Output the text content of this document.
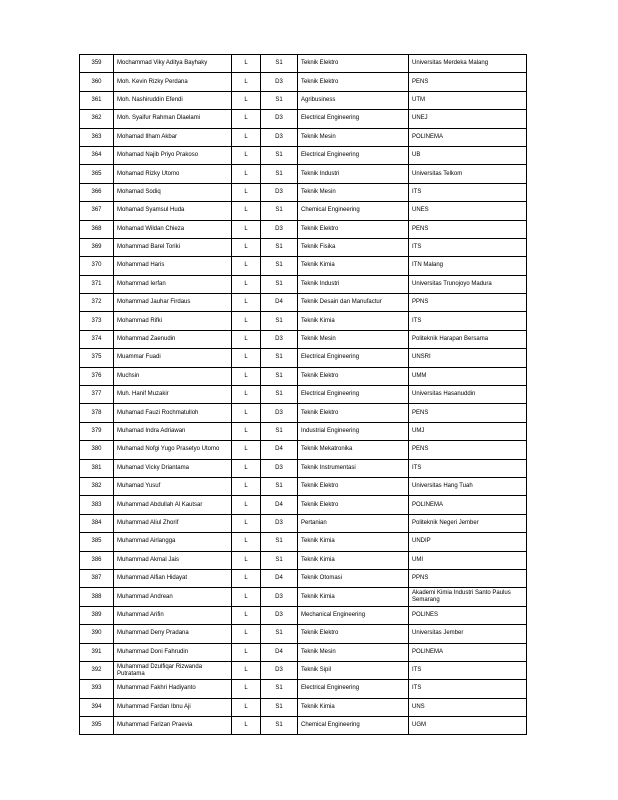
359	Mochammad Viky Aditya Bayhaky	L	S1	Teknik Elektro	Universitas Merdeka Malang
360	Moh. Kevin Rizky Perdana	L	D3	Teknik Elektro	PENS
361	Moh. Nashiruddin Efendi	L	S1	Agribusiness	UTM
362	Moh. Syaifur Rahman Dlaelami	L	D3	Electrical Engineering	UNEJ
363	Mohamad Ilham Akbar	L	D3	Teknik Mesin	POLINEMA
364	Mohamad Najib Priyo Prakoso	L	S1	Electrical Engineering	UB
365	Mohamad Rizky Utomo	L	S1	Teknik Industri	Universitas Telkom
366	Mohamad Sodiq	L	D3	Teknik Mesin	ITS
367	Mohamad Syamsul Huda	L	S1	Chemical Engineering	UNES
368	Mohamad Wildan Chieza	L	D3	Teknik Elektro	PENS
369	Mohammad Barel Toriki	L	S1	Teknik Fisika	ITS
370	Mohammad Haris	L	S1	Teknik Kimia	ITN Malang
371	Mohammad Ierfan	L	S1	Teknik Industri	Universitas Trunojoyo Madura
372	Mohammad Jauhar Firdaus	L	D4	Teknik Desain dan Manufactur	PPNS
373	Mohammad Rifki	L	S1	Teknik Kimia	ITS
374	Mohammad Zaenudin	L	D3	Teknik Mesin	Politeknik Harapan Bersama
375	Muammar Fuadi	L	S1	Electrical Engineering	UNSRI
376	Muchsin	L	S1	Teknik Elektro	UMM
377	Muh. Hanif Muzakir	L	S1	Electrical Engineering	Universitas Hasanuddin
378	Muhamad Fauzi Rochmatulloh	L	D3	Teknik Elektro	PENS
379	Muhamad Indra Adriawan	L	S1	Industrial Engineering	UMJ
380	Muhamad Nofgi Yugo Prasetyo Utomo	L	D4	Teknik Mekatronika	PENS
381	Muhamad Vicky Driantama	L	D3	Teknik Instrumentasi	ITS
382	Muhamad Yusuf	L	S1	Teknik Elektro	Universitas Hang Tuah
383	Muhammad Abdullah Al Kautsar	L	D4	Teknik Elektro	POLINEMA
384	Muhammad Aliul Zhorif	L	D3	Pertanian	Politeknik Negeri Jember
385	Muhammad Airlangga	L	S1	Teknik Kimia	UNDIP
386	Muhammad Akmal Jais	L	S1	Teknik Kimia	UMI
387	Muhammad Alfian Hidayat	L	D4	Teknik Otomasi	PPNS
388	Muhammad Andrean	L	D3	Teknik Kimia	Akademi Kimia Industri Santo Paulus Semarang
389	Muhammad Arifin	L	D3	Mechanical Engineering	POLINES
390	Muhammad Deny Pradana	L	S1	Teknik Elektro	Universitas Jember
391	Muhammad Doni Fahrudin	L	D4	Teknik Mesin	POLINEMA
392	Muhammad Dzulfiqar Rizwanda Putratama	L	D3	Teknik Sipil	ITS
393	Muhammad Fakhri Hadiyanto	L	S1	Electrical Engineering	ITS
394	Muhammad Fardan Ibnu Aji	L	S1	Teknik Kimia	UNS
395	Muhammad Farizan Praevia	L	S1	Chemical Engineering	UGM
